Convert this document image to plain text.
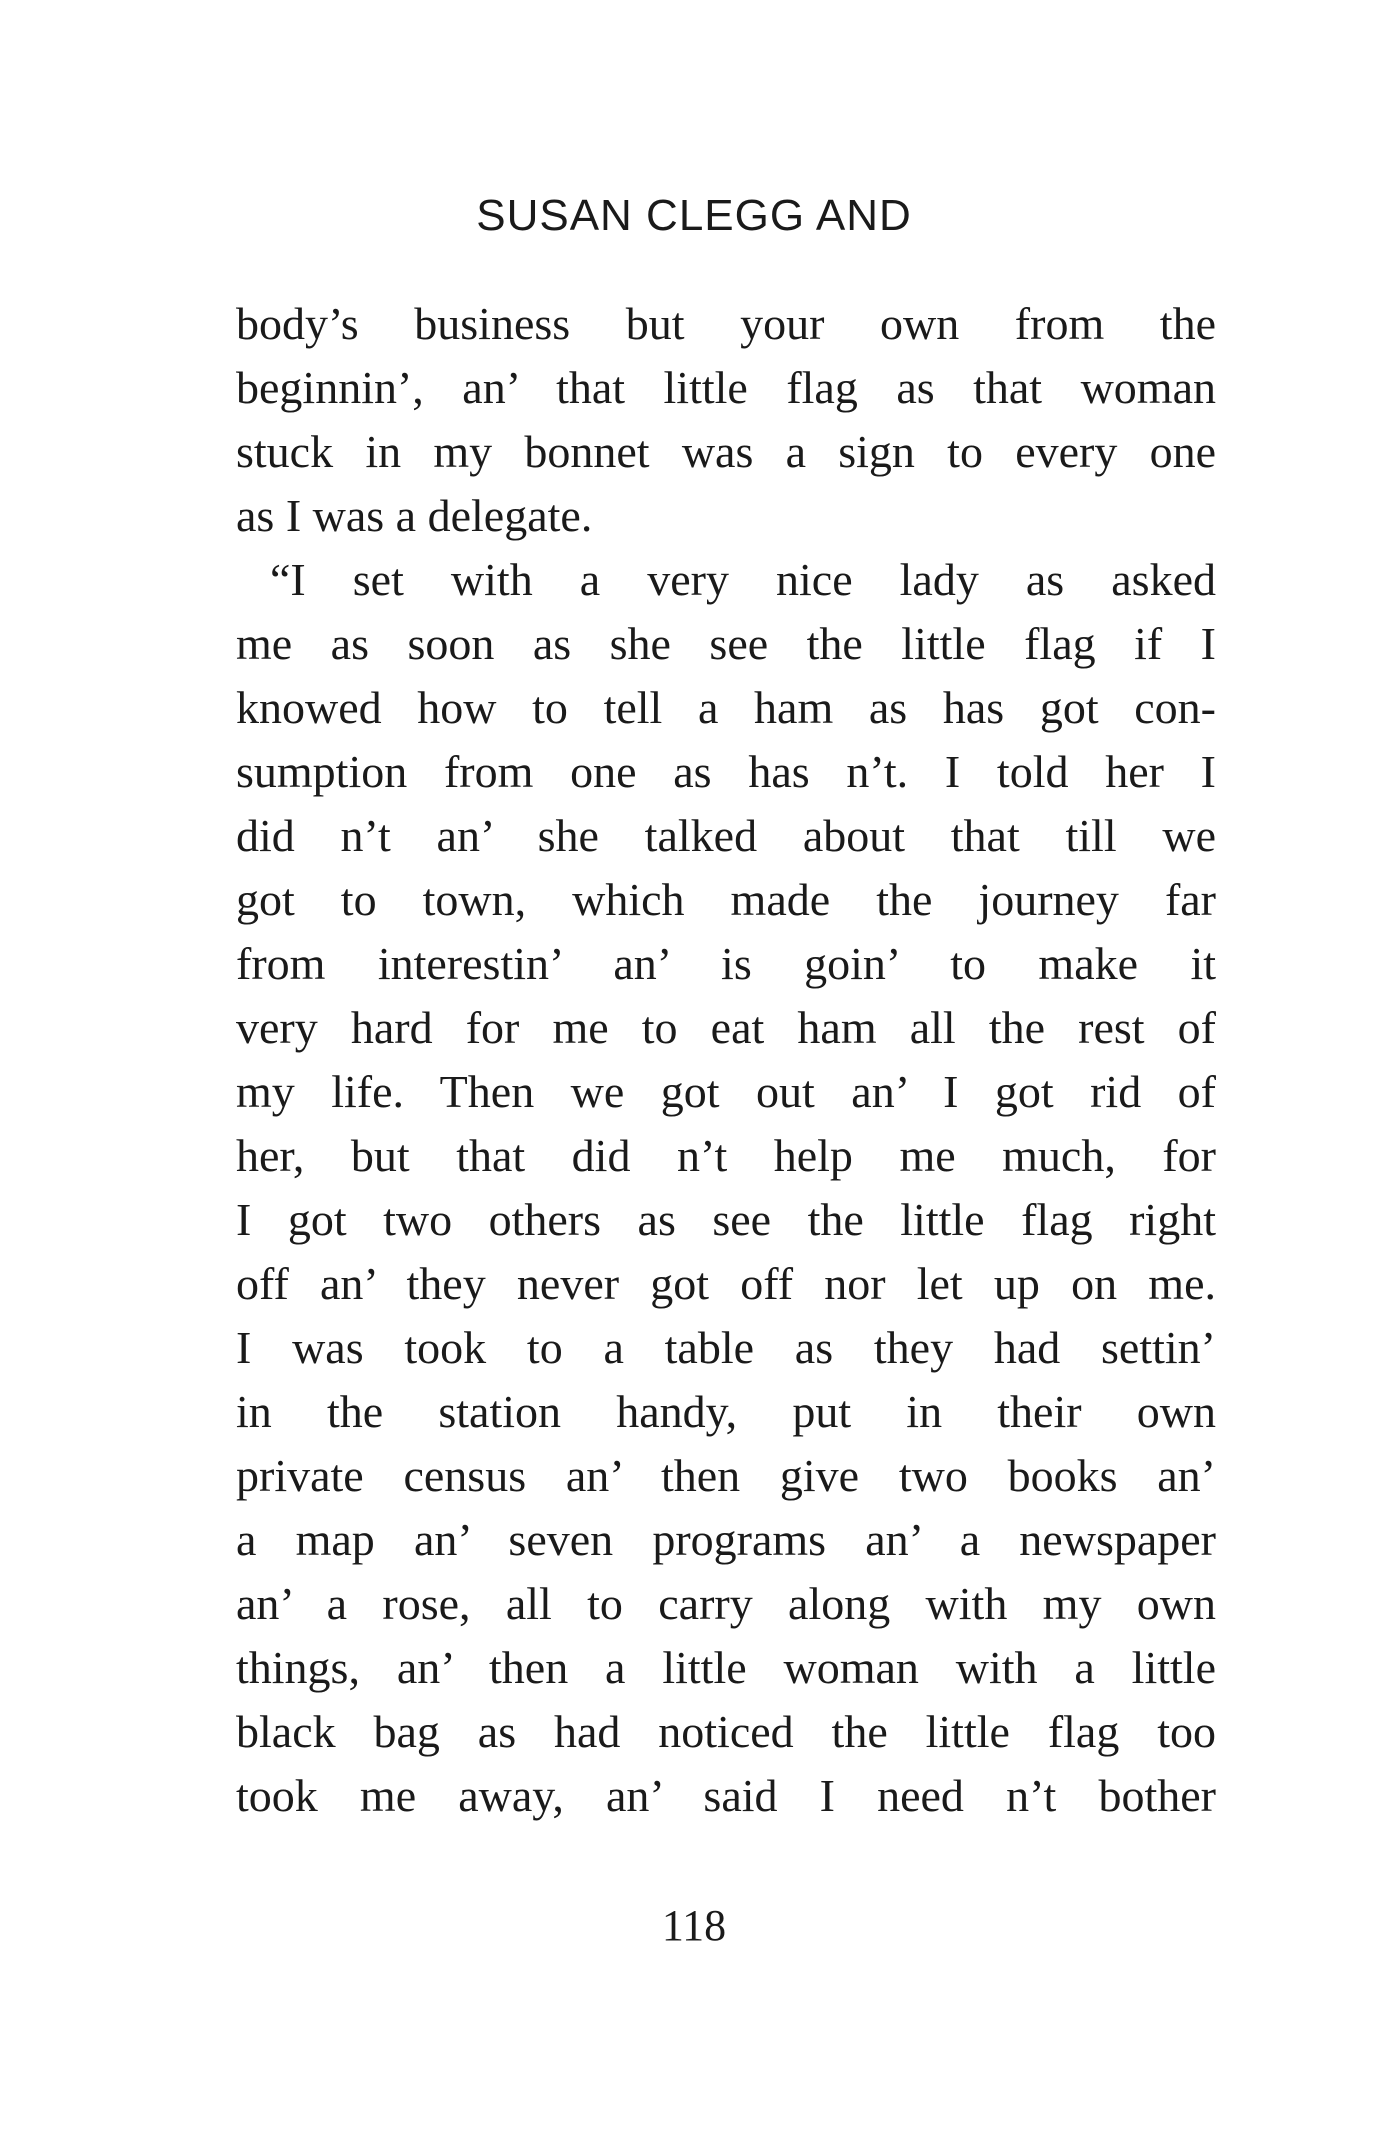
SUSAN CLEGG AND
body’s business but your own from the
beginnin’, an’ that little flag as that woman
stuck in my bonnet was a sign to every one
as I was a delegate.
“I set with a very nice lady as asked
me as soon as she see the little flag if I
knowed how to tell a ham as has got con-
sumption from one as has n’t. I told her I
did n’t an’ she talked about that till we
got to town, which made the journey far
from interestin’ an’ is goin’ to make it
very hard for me to eat ham all the rest of
my life. Then we got out an’ I got rid of
her, but that did n’t help me much, for
I got two others as see the little flag right
off an’ they never got off nor let up on me.
I was took to a table as they had settin’
in the station handy, put in their own
private census an’ then give two books an’
a map an’ seven programs an’ a newspaper
an’ a rose, all to carry along with my own
things, an’ then a little woman with a little
black bag as had noticed the little flag too
took me away, an’ said I need n’t bother
118
